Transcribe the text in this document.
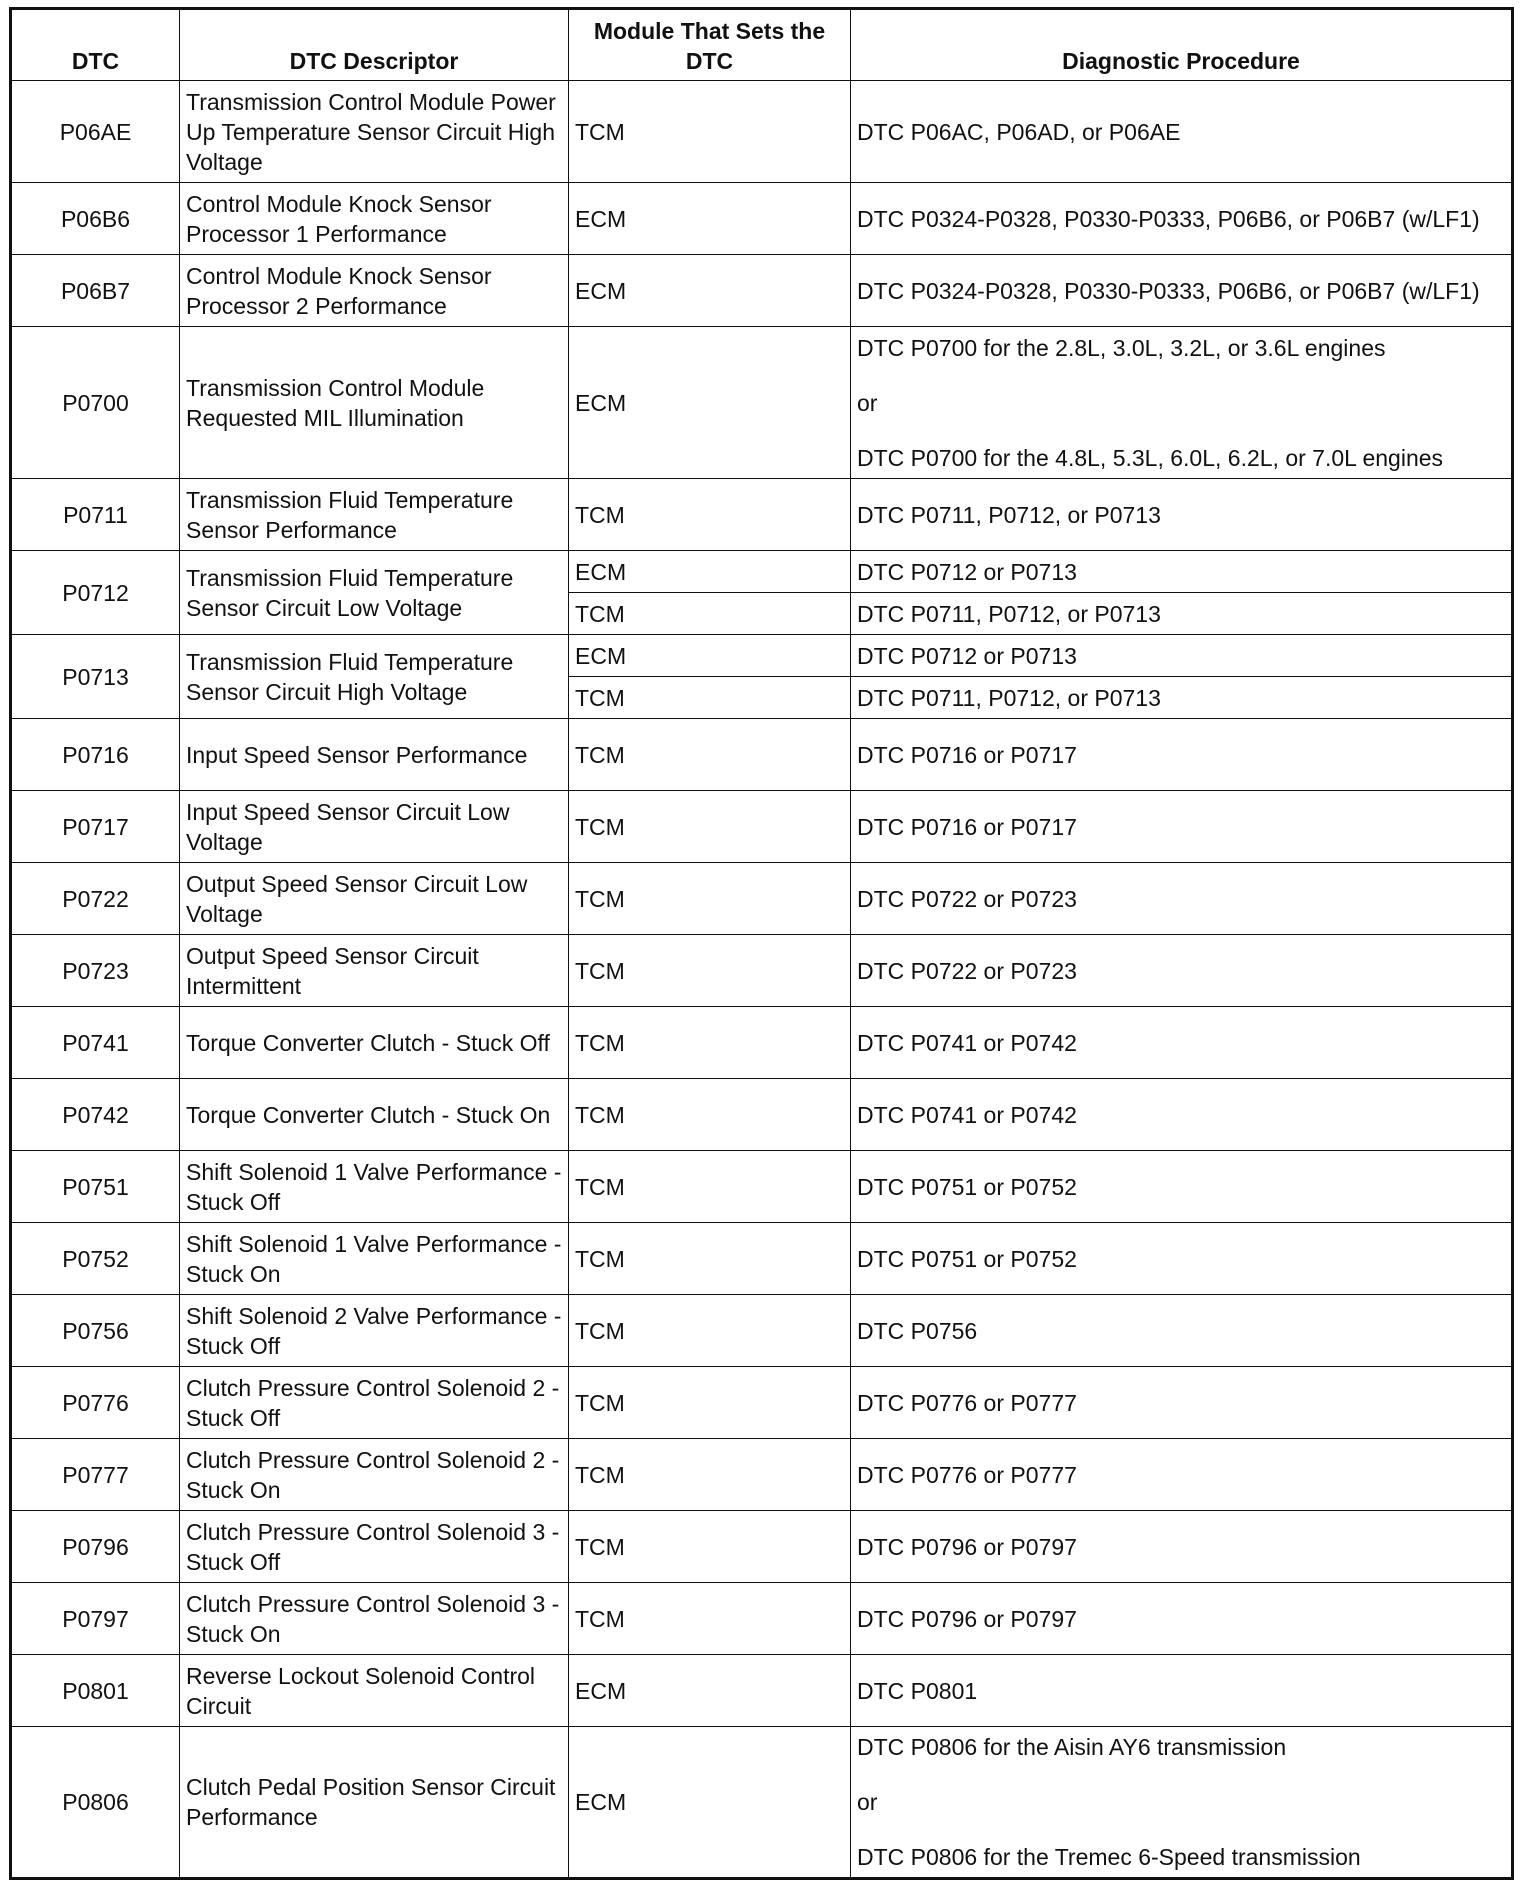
DTC	DTC Descriptor	Module That Sets the DTC	Diagnostic Procedure
P06AE	Transmission Control Module Power Up Temperature Sensor Circuit High Voltage	TCM	DTC P06AC, P06AD, or P06AE

P06B6	Control Module Knock Sensor Processor 1 Performance	ECM	DTC P0324-P0328, P0330-P0333, P06B6, or P06B7 (w/LF1)

P06B7	Control Module Knock Sensor Processor 2 Performance	ECM	DTC P0324-P0328, P0330-P0333, P06B6, or P06B7 (w/LF1)

P0700	Transmission Control Module Requested MIL Illumination	ECM	DTC P0700 for the 2.8L, 3.0L, 3.2L, or 3.6L engines
or
DTC P0700 for the 4.8L, 5.3L, 6.0L, 6.2L, or 7.0L engines

P0711	Transmission Fluid Temperature Sensor Performance	TCM	DTC P0711, P0712, or P0713

P0712	Transmission Fluid Temperature Sensor Circuit Low Voltage	ECM	DTC P0712 or P0713

		TCM	DTC P0711, P0712, or P0713

P0713	Transmission Fluid Temperature Sensor Circuit High Voltage	ECM	DTC P0712 or P0713

		TCM	DTC P0711, P0712, or P0713

P0716	Input Speed Sensor Performance	TCM	DTC P0716 or P0717

P0717	Input Speed Sensor Circuit Low Voltage	TCM	DTC P0716 or P0717

P0722	Output Speed Sensor Circuit Low Voltage	TCM	DTC P0722 or P0723

P0723	Output Speed Sensor Circuit Intermittent	TCM	DTC P0722 or P0723

P0741	Torque Converter Clutch - Stuck Off	TCM	DTC P0741 or P0742

P0742	Torque Converter Clutch - Stuck On	TCM	DTC P0741 or P0742

P0751	Shift Solenoid 1 Valve Performance - Stuck Off	TCM	DTC P0751 or P0752

P0752	Shift Solenoid 1 Valve Performance - Stuck On	TCM	DTC P0751 or P0752

P0756	Shift Solenoid 2 Valve Performance - Stuck Off	TCM	DTC P0756

P0776	Clutch Pressure Control Solenoid 2 - Stuck Off	TCM	DTC P0776 or P0777

P0777	Clutch Pressure Control Solenoid 2 - Stuck On	TCM	DTC P0776 or P0777

P0796	Clutch Pressure Control Solenoid 3 - Stuck Off	TCM	DTC P0796 or P0797

P0797	Clutch Pressure Control Solenoid 3 - Stuck On	TCM	DTC P0796 or P0797

P0801	Reverse Lockout Solenoid Control Circuit	ECM	DTC P0801

P0806	Clutch Pedal Position Sensor Circuit Performance	ECM	DTC P0806 for the Aisin AY6 transmission
or
DTC P0806 for the Tremec 6-Speed transmission
